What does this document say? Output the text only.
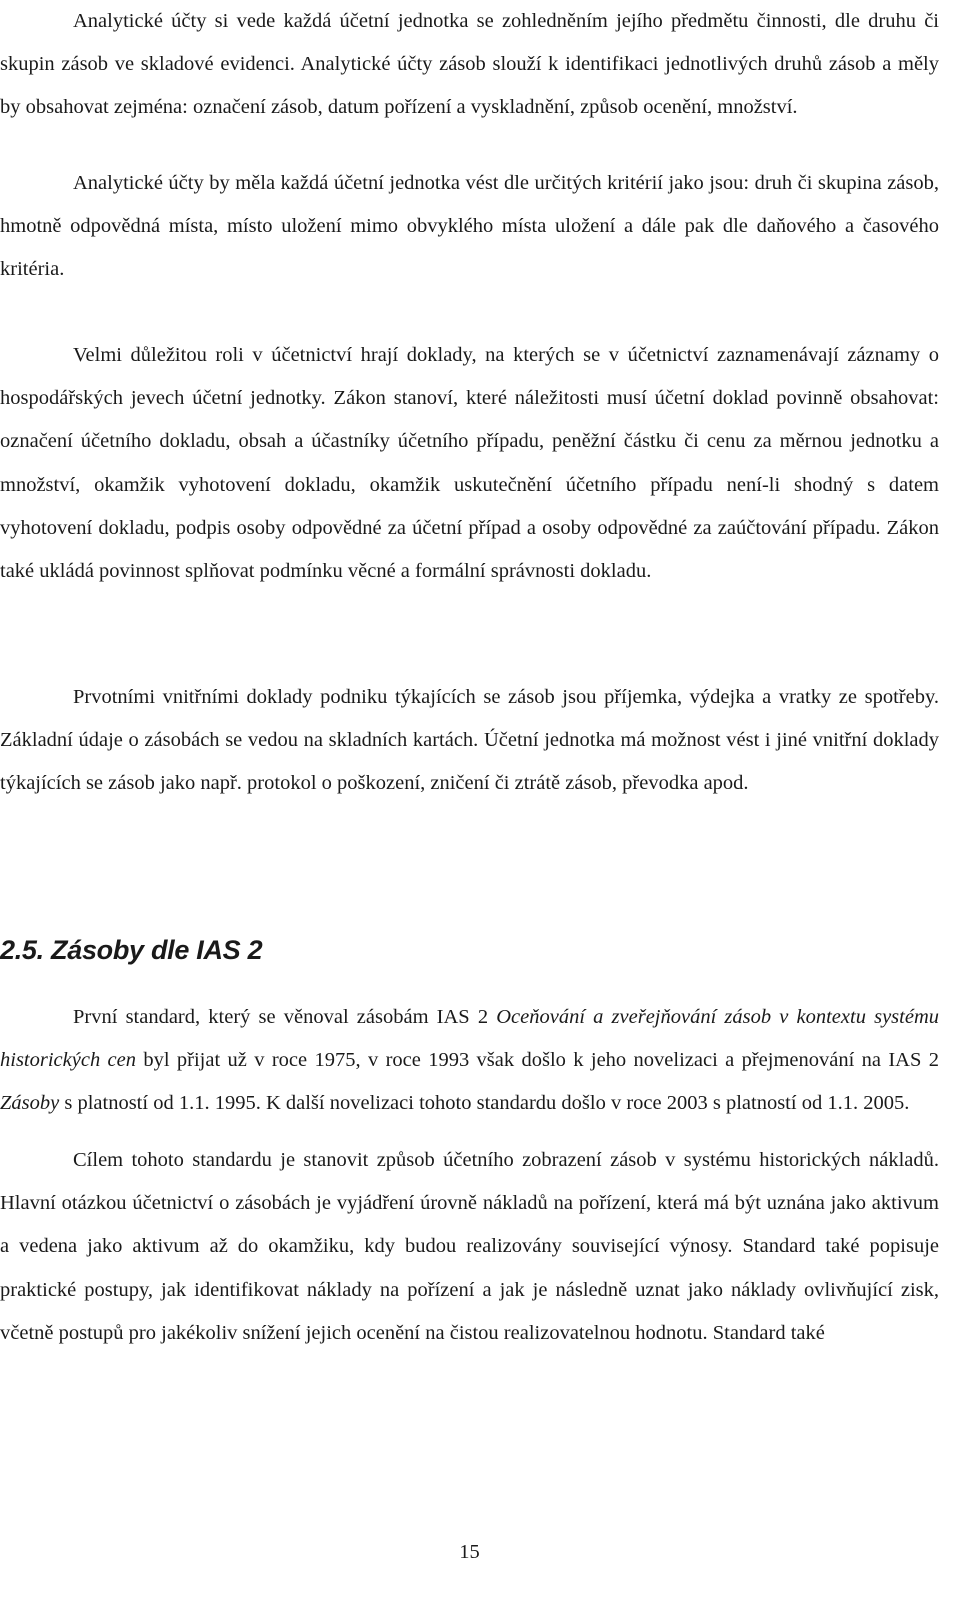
Analytické účty si vede každá účetní jednotka se zohledněním jejího předmětu činnosti, dle druhu či skupin zásob ve skladové evidenci. Analytické účty zásob slouží k identifikaci jednotlivých druhů zásob a měly by obsahovat zejména: označení zásob, datum pořízení a vyskladnění, způsob ocenění, množství.

Analytické účty by měla každá účetní jednotka vést dle určitých kritérií jako jsou: druh či skupina zásob, hmotně odpovědná místa, místo uložení mimo obvyklého místa uložení a dále pak dle daňového a časového kritéria.

Velmi důležitou roli v účetnictví hrají doklady, na kterých se v účetnictví zaznamenávají záznamy o hospodářských jevech účetní jednotky. Zákon stanoví, které náležitosti musí účetní doklad povinně obsahovat: označení účetního dokladu, obsah a účastníky účetního případu, peněžní částku či cenu za měrnou jednotku a množství, okamžik vyhotovení dokladu, okamžik uskutečnění účetního případu není-li shodný s datem vyhotovení dokladu, podpis osoby odpovědné za účetní případ a osoby odpovědné za zaúčtování případu. Zákon také ukládá povinnost splňovat podmínku věcné a formální správnosti dokladu.

Prvotními vnitřními doklady podniku týkajících se zásob jsou příjemka, výdejka a vratky ze spotřeby. Základní údaje o zásobách se vedou na skladních kartách. Účetní jednotka má možnost vést i jiné vnitřní doklady týkajících se zásob jako např. protokol o poškození, zničení či ztrátě zásob, převodka apod.

2.5. Zásoby dle IAS 2

První standard, který se věnoval zásobám IAS 2 Oceňování a zveřejňování zásob v kontextu systému historických cen byl přijat už v roce 1975, v roce 1993 však došlo k jeho novelizaci a přejmenování na IAS 2 Zásoby s platností od 1.1. 1995. K další novelizaci tohoto standardu došlo v roce 2003 s platností od 1.1. 2005.

Cílem tohoto standardu je stanovit způsob účetního zobrazení zásob v systému historických nákladů. Hlavní otázkou účetnictví o zásobách je vyjádření úrovně nákladů na pořízení, která má být uznána jako aktivum a vedena jako aktivum až do okamžiku, kdy budou realizovány související výnosy. Standard také popisuje praktické postupy, jak identifikovat náklady na pořízení a jak je následně uznat jako náklady ovlivňující zisk, včetně postupů pro jakékoliv snížení jejich ocenění na čistou realizovatelnou hodnotu. Standard také

15
